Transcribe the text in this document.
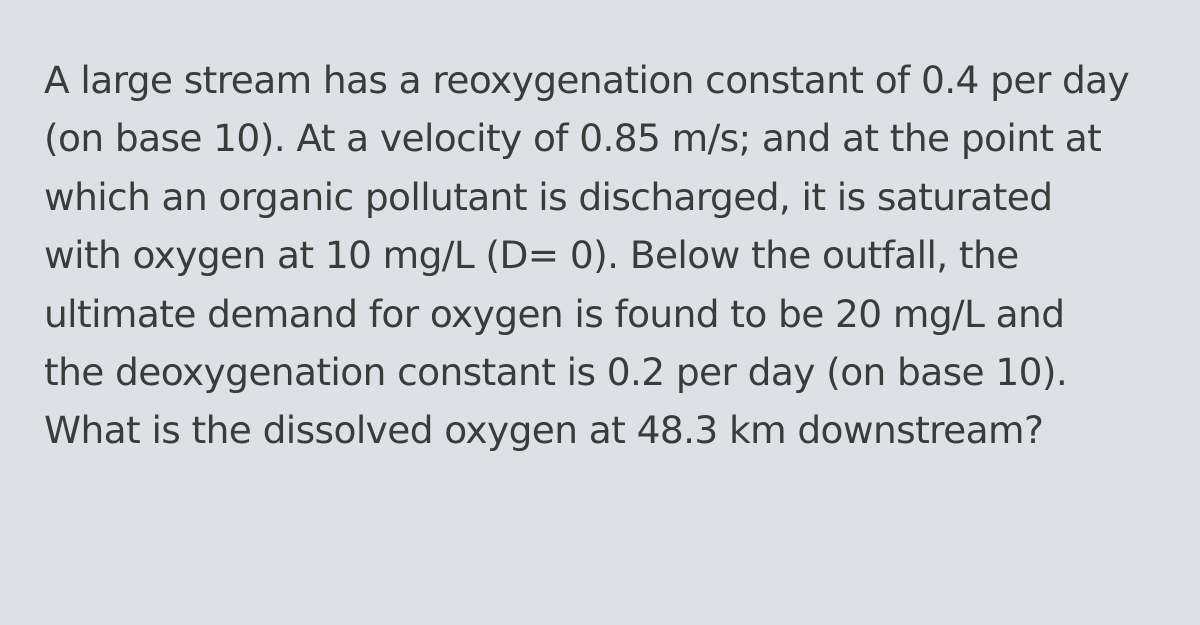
A large stream has a reoxygenation constant of 0.4 per day
(on base 10). At a velocity of 0.85 m/s; and at the point at
which an organic pollutant is discharged, it is saturated
with oxygen at 10 mg/L (D= 0). Below the outfall, the
ultimate demand for oxygen is found to be 20 mg/L and
the deoxygenation constant is 0.2 per day (on base 10).
What is the dissolved oxygen at 48.3 km downstream?
